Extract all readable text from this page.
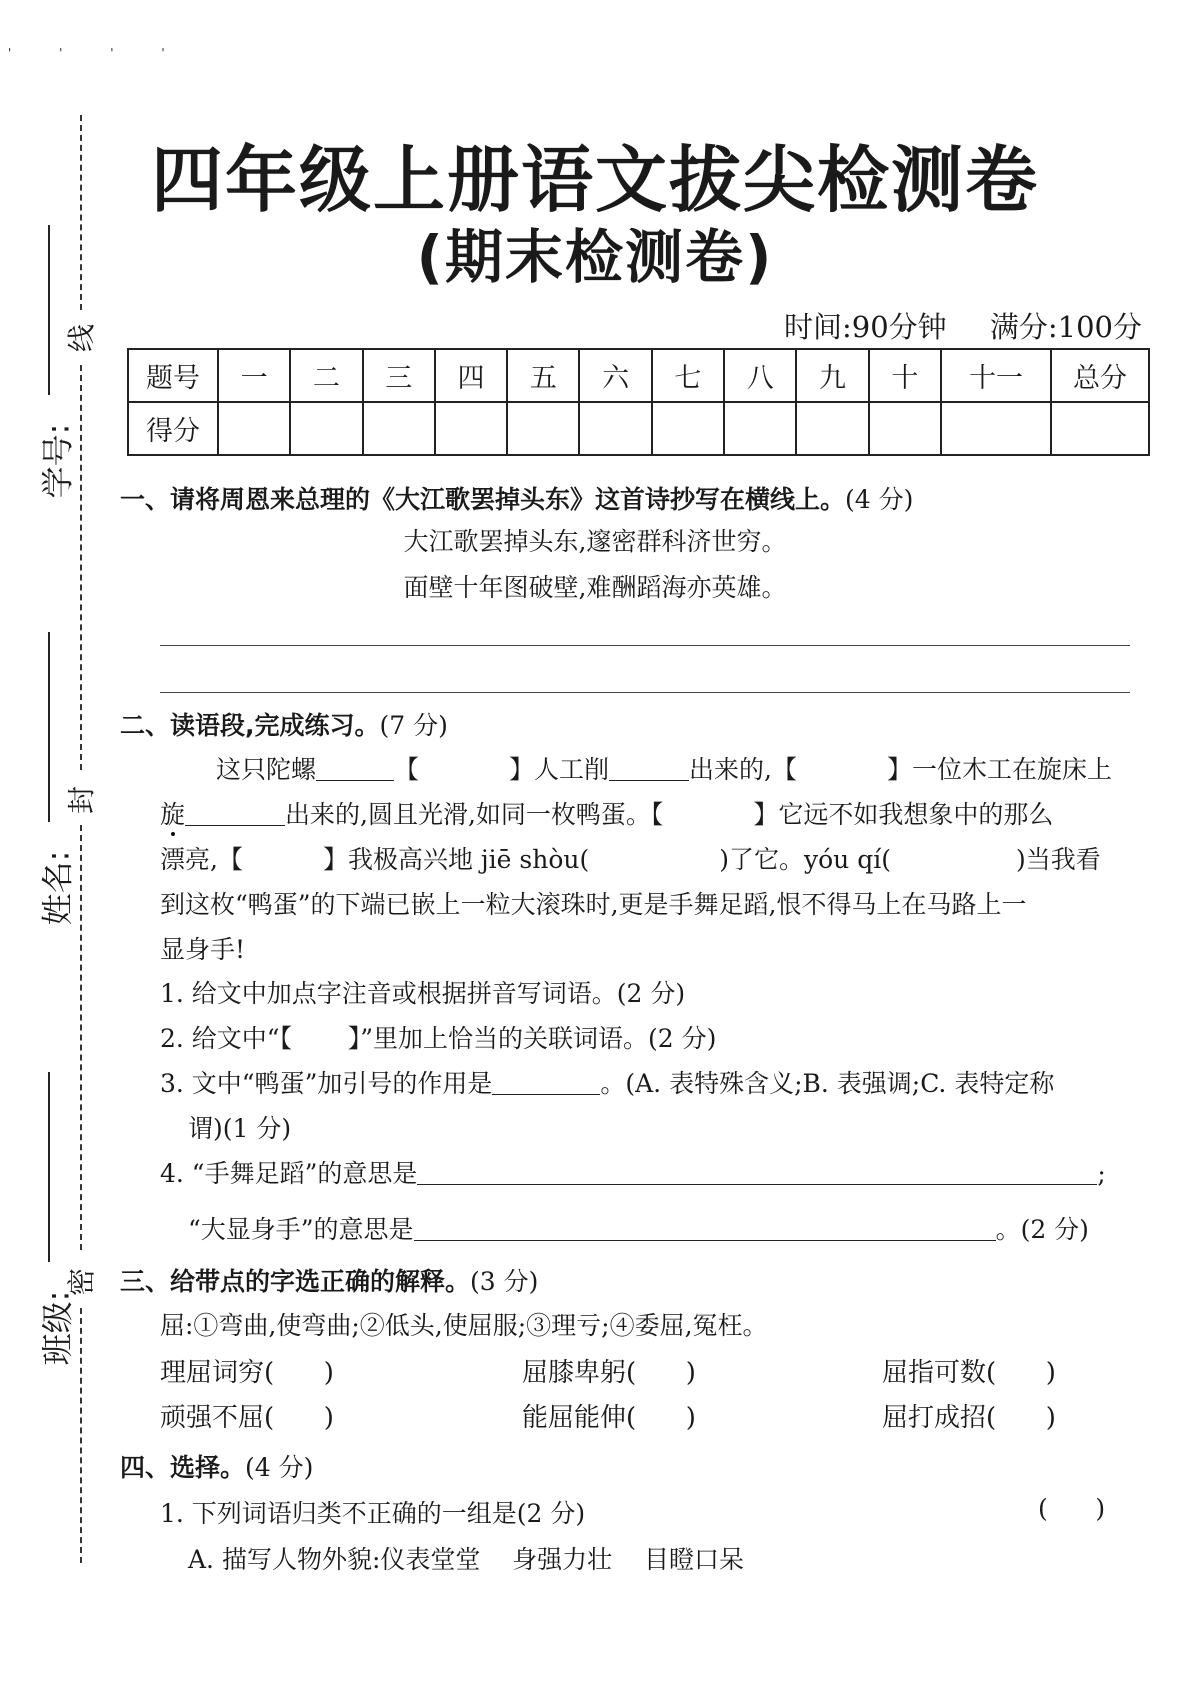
' ' ' '
学号:
姓名:
班级:
线
封
密
四年级上册语文拔尖检测卷
(期末检测卷)
时间:90分钟 满分:100分
题号	一	二	三	四	五	六	七	八	九	十	十一	总分
得分												
一、请将周恩来总理的《大江歌罢掉头东》这首诗抄写在横线上。(4 分)
大江歌罢掉头东,邃密群科济世穷。
面壁十年图破壁,难酬蹈海亦英雄。
二、读语段,完成练习。(7 分)
这只陀螺	【	】人工削	出来的,【	】一位木工在旋床上
旋	出来的,圆且光滑,如同一枚鸭蛋。【	】它远不如我想象中的那么
漂亮,【	】我极高兴地 jiē shòu(	)了它。yóu qí(	)当我看
到这枚“鸭蛋”的下端已嵌上一粒大滚珠时,更是手舞足蹈,恨不得马上在马路上一
显身手!
1. 给文中加点字注音或根据拼音写词语。(2 分)
2. 给文中“【       】”里加上恰当的关联词语。(2 分)
3. 文中“鸭蛋”加引号的作用是	。(A. 表特殊含义;B. 表强调;C. 表特定称
谓)(1 分)
4. “手舞足蹈”的意思是	;
“大显身手”的意思是	。(2 分)
三、给带点的字选正确的解释。(3 分)
屈:①弯曲,使弯曲;②低头,使屈服;③理亏;④委屈,冤枉。
理屈词穷(      )	屈膝卑躬(      )	屈指可数(      )
顽强不屈(      )	能屈能伸(      )	屈打成招(      )
四、选择。(4 分)
1. 下列词语归类不正确的一组是(2 分)	(      )
A. 描写人物外貌:仪表堂堂    身强力壮    目瞪口呆
